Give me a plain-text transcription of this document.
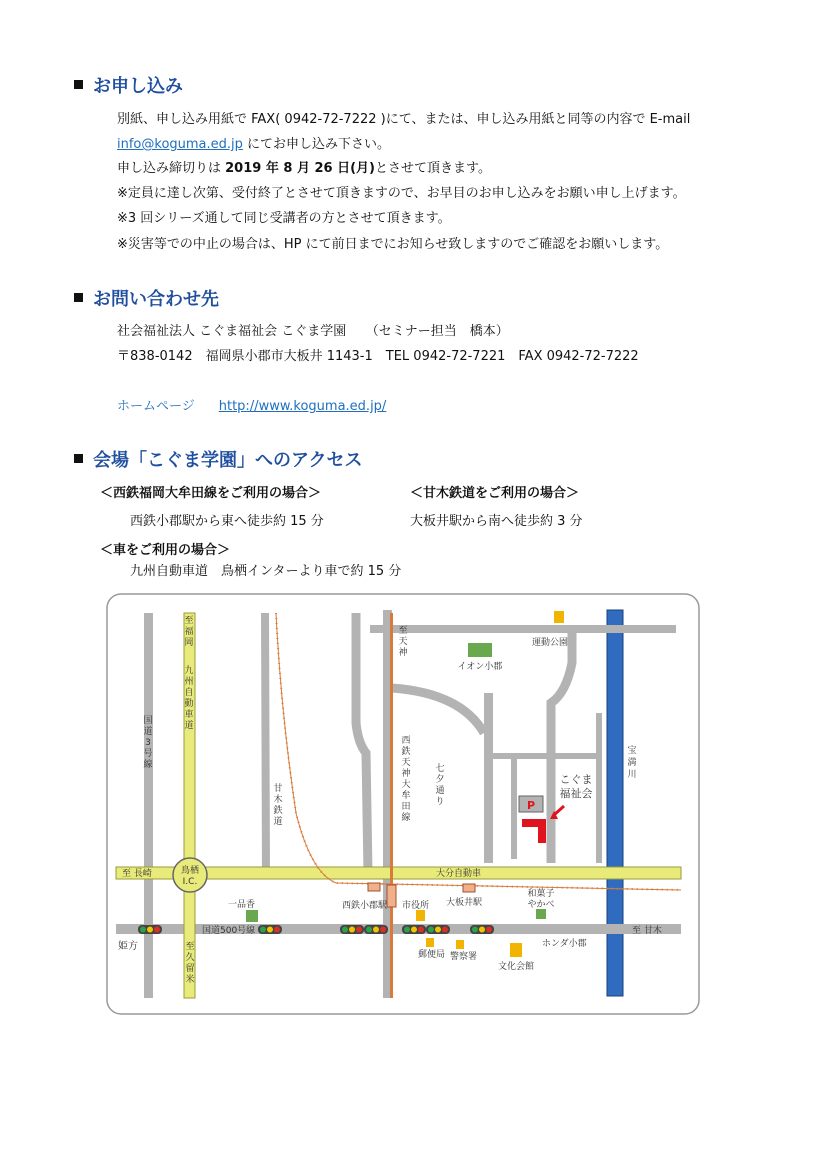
お申し込み
別紙、申し込み用紙で FAX( 0942-72-7222 )にて、または、申し込み用紙と同等の内容で E-mail
info@koguma.ed.jp にてお申し込み下さい。
申し込み締切りは 2019 年 8 月 26 日(月)とさせて頂きます。
※定員に達し次第、受付終了とさせて頂きますので、お早目のお申し込みをお願い申し上げます。
※3 回シリーズ通して同じ受講者の方とさせて頂きます。
※災害等での中止の場合は、HP にて前日までにお知らせ致しますのでご確認をお願いします。
お問い合わせ先
社会福祉法人 こぐま福祉会 こぐま学園　　（セミナー担当　橋本）
〒838-0142　福岡県小郡市大板井 1143-1　TEL 0942-72-7221　FAX 0942-72-7222
ホームページ http://www.koguma.ed.jp/
会場「こぐま学園」へのアクセス
＜西鉄福岡大牟田線をご利用の場合＞	＜甘木鉄道をご利用の場合＞
西鉄小郡駅から東へ徒歩約 15 分	大板井駅から南へ徒歩約 3 分
＜車をご利用の場合＞
九州自動車道　鳥栖インターより車で約 15 分
P
至福岡
九州自動車道
国道 3 号線
至天神
イオン小郡
運動公園
西鉄天神大牟田線
七夕通り
甘木鉄道
こぐま福祉会
宝満川
至 長崎	鳥栖 I.C.
大分自動車
一品香	西鉄小郡駅 市役所 大板井駅
和菓子やかべ
ホンダ小郡
国道500号線
姫方	至久留米
郵便局 警察署
文化会館
至 甘木
